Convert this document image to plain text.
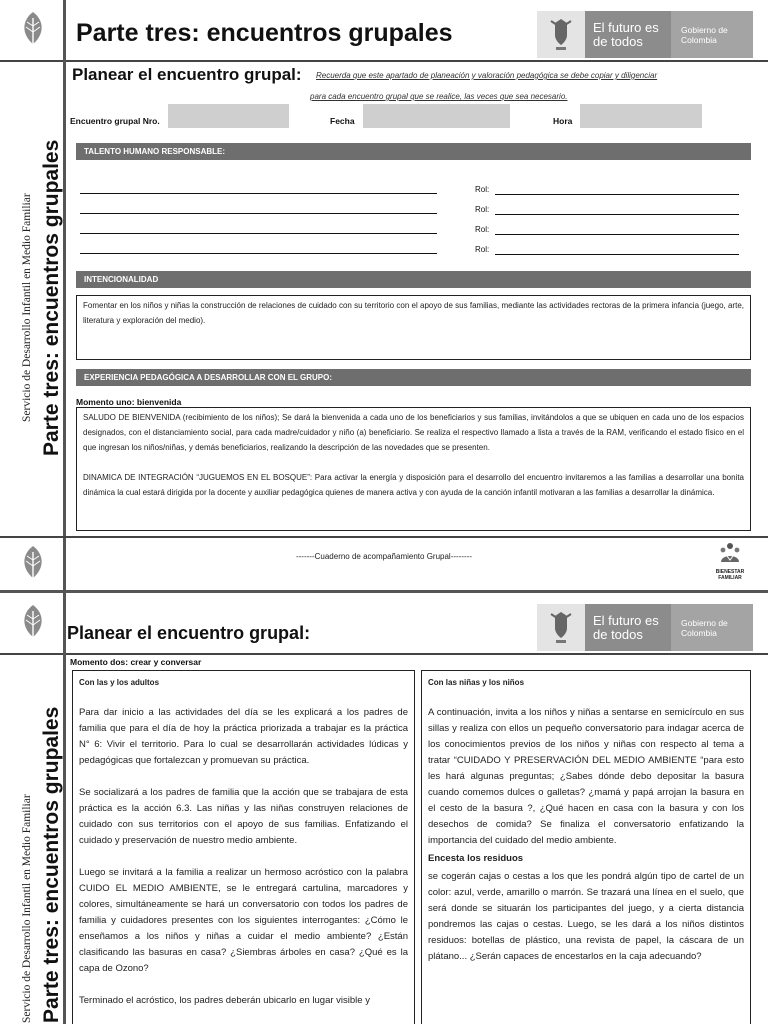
Parte tres: encuentros grupales	El futuro es de todos
Gobierno de Colombia
Servicio de Desarrollo Infantil en Medio Familiar Parte tres: encuentros grupales
Planear el encuentro grupal: Recuerda que este apartado de planeación y valoración pedagógica se debe copiar y diligenciar
para cada encuentro grupal que se realice, las veces que sea necesario.
Encuentro grupal Nro.	Fecha	Hora
TALENTO HUMANO RESPONSABLE:
Rol:
Rol:
Rol:
Rol:
INTENCIONALIDAD

Fomentar en los niños y niñas la construcción de relaciones de cuidado con su territorio con el apoyo de sus familias, mediante las actividades rectoras de la primera infancia (juego, arte, literatura y exploración del medio).

EXPERIENCIA PEDAGÓGICA A DESARROLLAR CON EL GRUPO:
Momento uno: bienvenida

SALUDO DE BIENVENIDA (recibimiento de los niños); Se dará la bienvenida a cada uno de los beneficiarios y sus familias, invitándolos a que se ubiquen en cada uno de los espacios designados, con el distanciamiento social, para cada madre/cuidador y niño (a) beneficiario. Se realiza el respectivo llamado a lista a través de la RAM, verificando el estado físico en el que ingresan los niños/niñas, y demás beneficiarios, realizando la descripción de las novedades que se presenten.

DINAMICA DE INTEGRACIÓN “JUGUEMOS EN EL BOSQUE”: Para activar la energía y disposición para el desarrollo del encuentro invitaremos a las familias a desarrollar una bonita dinámica la cual estará dirigida por la docente y auxiliar pedagógica quienes de manera activa y con ayuda de la canción infantil motivaran a las familias a desarrollar la dinámica.

-------Cuaderno de acompañamiento Grupal--------
BIENESTAR FAMILIAR
Planear el encuentro grupal:
El futuro es de todos
Gobierno de Colombia
Servicio de Desarrollo Infantil en Medio Familiar Parte tres: encuentros grupales
Momento dos: crear y conversar

Con las y los adultos

Para dar inicio a las actividades del día se les explicará a los padres de familia que para el día de hoy la práctica priorizada a trabajar es la práctica N° 6: Vivir el territorio. Para lo cual se desarrollarán actividades lúdicas y pedagógicas que fortalezcan y promuevan su práctica.

Se socializará a los padres de familia que la acción que se trabajara de esta práctica es la acción 6.3. Las niñas y las niñas construyen relaciones de cuidado con sus territorios con el apoyo de sus familias. Enfatizando el cuidado y preservación de nuestro medio ambiente.

Luego se invitará a la familia a realizar un hermoso acróstico con la palabra CUIDO EL MEDIO AMBIENTE, se le entregará cartulina, marcadores y colores, simultáneamente se hará un conversatorio con todos los padres de familia y cuidadores presentes con los siguientes interrogantes: ¿Cómo le enseñamos a los niños y niñas a cuidar el medio ambiente? ¿Están clasificando las basuras en casa? ¿Siembras árboles en casa? ¿Qué es la capa de Ozono?

Terminado el acróstico, los padres deberán ubicarlo en lugar visible y

Con las niñas y los niños

A continuación, invita a los niños y niñas a sentarse en semicírculo en sus sillas y realiza con ellos un pequeño conversatorio para indagar acerca de los conocimientos previos de los niños y niñas con respecto al tema a tratar “CUIDADO Y PRESERVACIÓN DEL MEDIO AMBIENTE “para esto les hará algunas preguntas; ¿Sabes dónde debo depositar la basura cuando comemos dulces o galletas? ¿mamá y papá arrojan la basura en el cesto de la basura ?, ¿Qué hacen en casa con la basura y con los desechos de comida? Se finaliza el conversatorio enfatizando la importancia del cuidado del medio ambiente.

Encesta los residuos

se cogerán cajas o cestas a los que les pondrá algún tipo de cartel de un color: azul, verde, amarillo o marrón. Se trazará una línea en el suelo, que será donde se situarán los participantes del juego, y a cierta distancia pondremos las cajas o cestas. Luego, se les dará a los niños distintos residuos: botellas de plástico, una revista de papel, la cáscara de un plátano... ¿Serán capaces de encestarlos en la caja adecuando?
